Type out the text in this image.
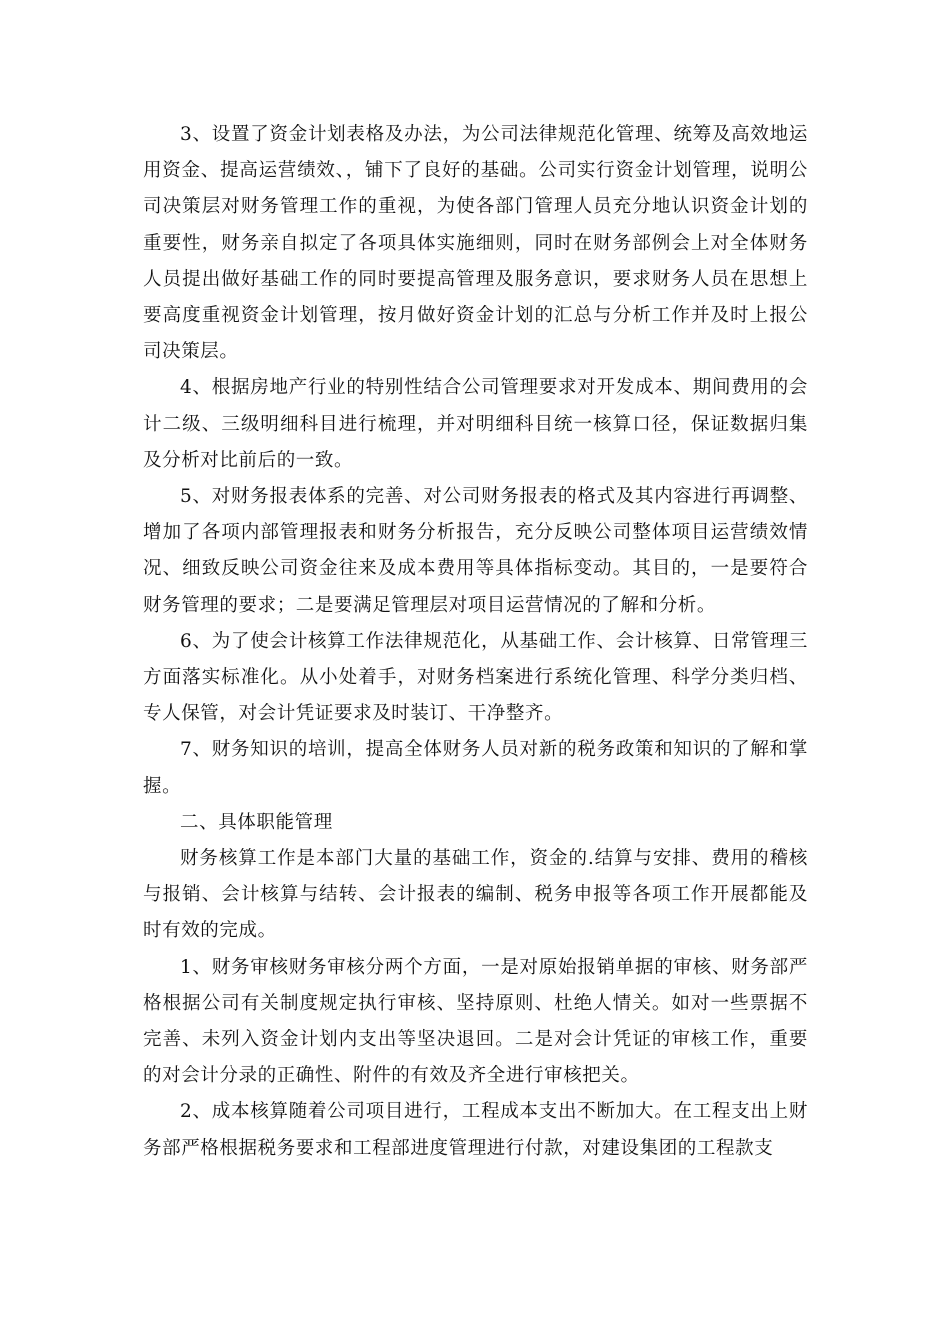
3、设置了资金计划表格及办法，为公司法律规范化管理、统筹及高效地运用资金、提高运营绩效、，铺下了良好的基础。公司实行资金计划管理，说明公司决策层对财务管理工作的重视，为使各部门管理人员充分地认识资金计划的重要性，财务亲自拟定了各项具体实施细则，同时在财务部例会上对全体财务人员提出做好基础工作的同时要提高管理及服务意识，要求财务人员在思想上要高度重视资金计划管理，按月做好资金计划的汇总与分析工作并及时上报公司决策层。

4、根据房地产行业的特别性结合公司管理要求对开发成本、期间费用的会计二级、三级明细科目进行梳理，并对明细科目统一核算口径，保证数据归集及分析对比前后的一致。

5、对财务报表体系的完善、对公司财务报表的格式及其内容进行再调整、增加了各项内部管理报表和财务分析报告，充分反映公司整体项目运营绩效情况、细致反映公司资金往来及成本费用等具体指标变动。其目的，一是要符合财务管理的要求；二是要满足管理层对项目运营情况的了解和分析。

6、为了使会计核算工作法律规范化，从基础工作、会计核算、日常管理三方面落实标准化。从小处着手，对财务档案进行系统化管理、科学分类归档、专人保管，对会计凭证要求及时装订、干净整齐。

7、财务知识的培训，提高全体财务人员对新的税务政策和知识的了解和掌握。

二、具体职能管理

财务核算工作是本部门大量的基础工作，资金的.结算与安排、费用的稽核与报销、会计核算与结转、会计报表的编制、税务申报等各项工作开展都能及时有效的完成。

1、财务审核财务审核分两个方面，一是对原始报销单据的审核、财务部严格根据公司有关制度规定执行审核、坚持原则、杜绝人情关。如对一些票据不完善、未列入资金计划内支出等坚决退回。二是对会计凭证的审核工作，重要的对会计分录的正确性、附件的有效及齐全进行审核把关。

2、成本核算随着公司项目进行，工程成本支出不断加大。在工程支出上财务部严格根据税务要求和工程部进度管理进行付款，对建设集团的工程款支
